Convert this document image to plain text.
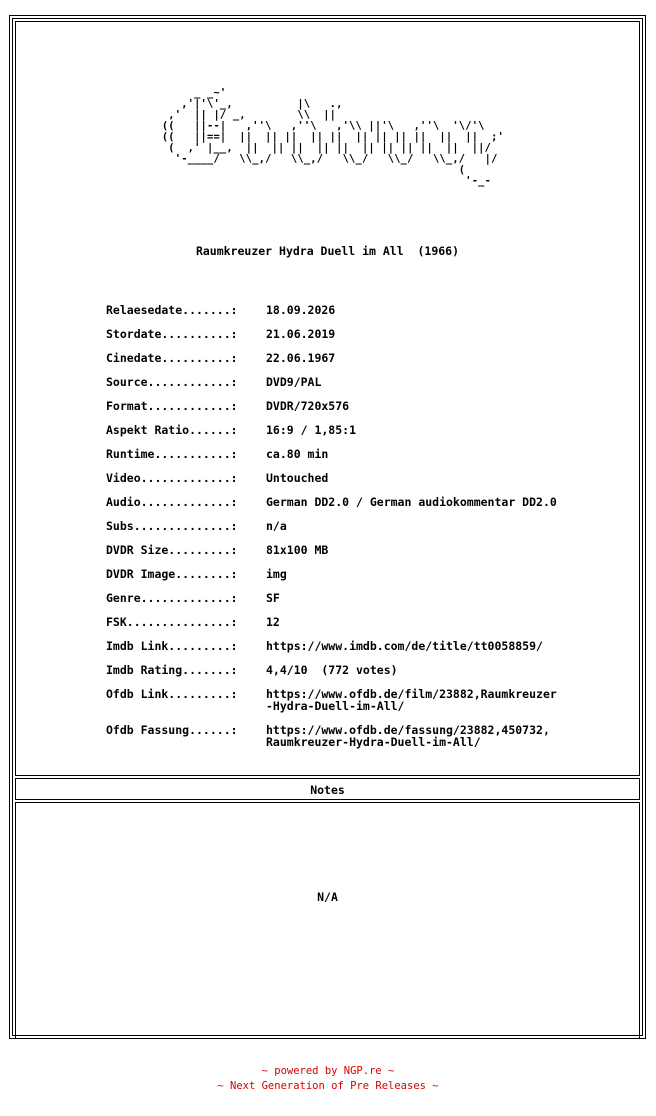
_ _~'
,'|'\'_,          |\   .,
,'  || |/ _,        \\  ||
((   ||--|   ,''\   ,''\   ,'\\ ||'\   ,''\  '\/'\
((   ||==|  ||  || ||  || ||  || || || ||  ||  ||  ;'
(  ,' |__,  ||  || ||  || ||  || || || ||  ||  ||/
'-____/   \\_,/   \\_,/   \\_/   \\_/   \\_,/   |/
(
'-_-
Raumkreuzer Hydra Duell im All  (1966)
Relaesedate.......:	18.09.2026
Stordate..........:	21.06.2019
Cinedate..........:	22.06.1967
Source............:	DVD9/PAL
Format............:	DVDR/720x576
Aspekt Ratio......:	16:9 / 1,85:1
Runtime...........:	ca.80 min
Video.............:	Untouched
Audio.............:	German DD2.0 / German audiokommentar DD2.0
Subs..............:	n/a
DVDR Size.........:	81x100 MB
DVDR Image........:	img
Genre.............:	SF
FSK...............:	12
Imdb Link.........:	https://www.imdb.com/de/title/tt0058859/
Imdb Rating.......:	4,4/10  (772 votes)
Ofdb Link.........:	https://www.ofdb.de/film/23882,Raumkreuzer
-Hydra-Duell-im-All/
Ofdb Fassung......:	https://www.ofdb.de/fassung/23882,450732,
Raumkreuzer-Hydra-Duell-im-All/
Notes
N/A
~ powered by NGP.re ~
~ Next Generation of Pre Releases ~
